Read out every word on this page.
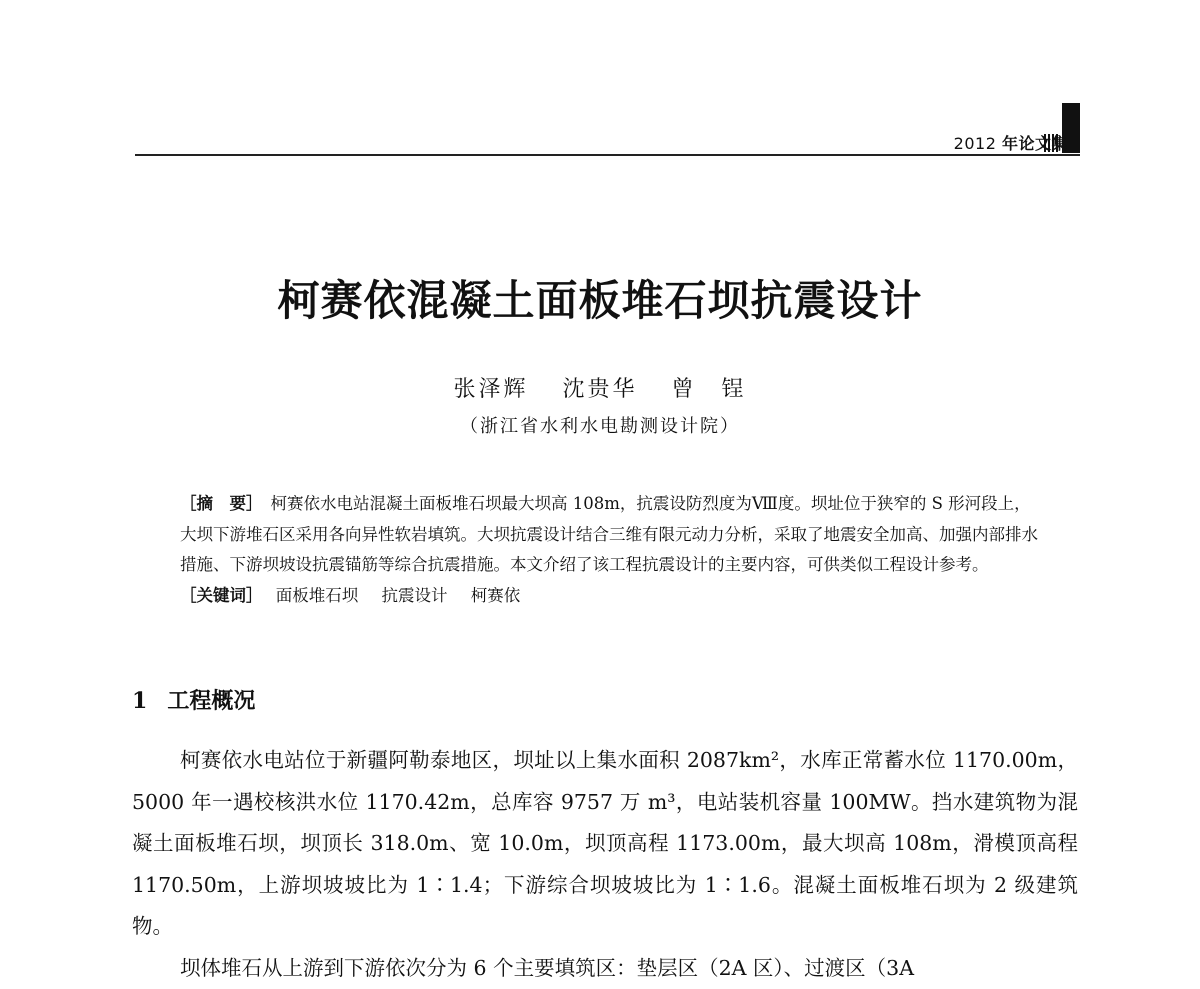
2012 年论文集
柯赛依混凝土面板堆石坝抗震设计
张泽辉 沈贵华 曾　锃
（浙江省水利水电勘测设计院）

［摘　要］ 柯赛依水电站混凝土面板堆石坝最大坝高 108m，抗震设防烈度为Ⅷ度。坝址位于狭窄的 S 形河段上，大坝下游堆石区采用各向异性软岩填筑。大坝抗震设计结合三维有限元动力分析，采取了地震安全加高、加强内部排水措施、下游坝坡设抗震锚筋等综合抗震措施。本文介绍了该工程抗震设计的主要内容，可供类似工程设计参考。

［关键词］ 面板堆石坝 抗震设计 柯赛依

1 工程概况

柯赛依水电站位于新疆阿勒泰地区，坝址以上集水面积 2087km²，水库正常蓄水位 1170.00m，5000 年一遇校核洪水位 1170.42m，总库容 9757 万 m³，电站装机容量 100MW。挡水建筑物为混凝土面板堆石坝，坝顶长 318.0m、宽 10.0m，坝顶高程 1173.00m，最大坝高 108m，滑模顶高程 1170.50m，上游坝坡坡比为 1∶1.4；下游综合坝坡坡比为 1∶1.6。混凝土面板堆石坝为 2 级建筑物。

坝体堆石从上游到下游依次分为 6 个主要填筑区：垫层区（2A 区）、过渡区（3A
